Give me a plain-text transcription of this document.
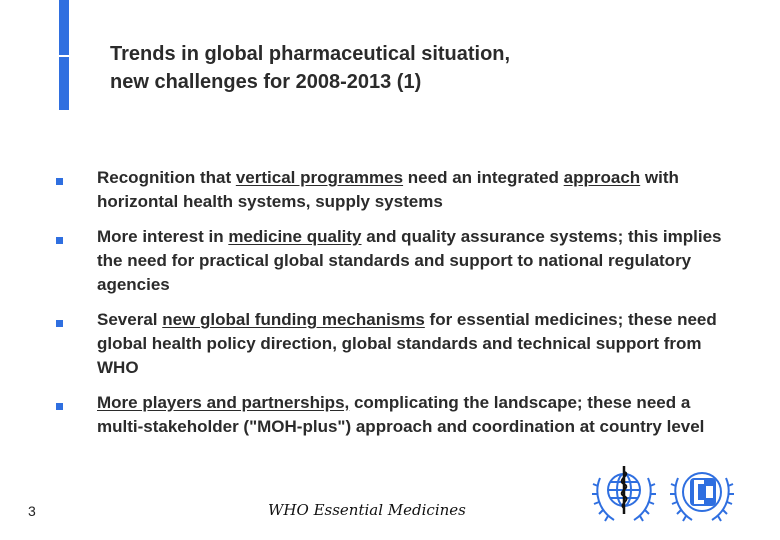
Trends in global pharmaceutical situation,
new challenges for 2008-2013 (1)
Recognition that vertical programmes need an integrated approach with horizontal health systems, supply systems
More interest in medicine quality and quality assurance systems; this implies the need for practical global standards and support to national regulatory agencies
Several new global funding mechanisms for essential medicines; these need global health policy direction, global standards and technical support from WHO
More players and partnerships, complicating the landscape; these need a multi-stakeholder ("MOH-plus") approach and coordination at country level
3	WHO Essential Medicines
